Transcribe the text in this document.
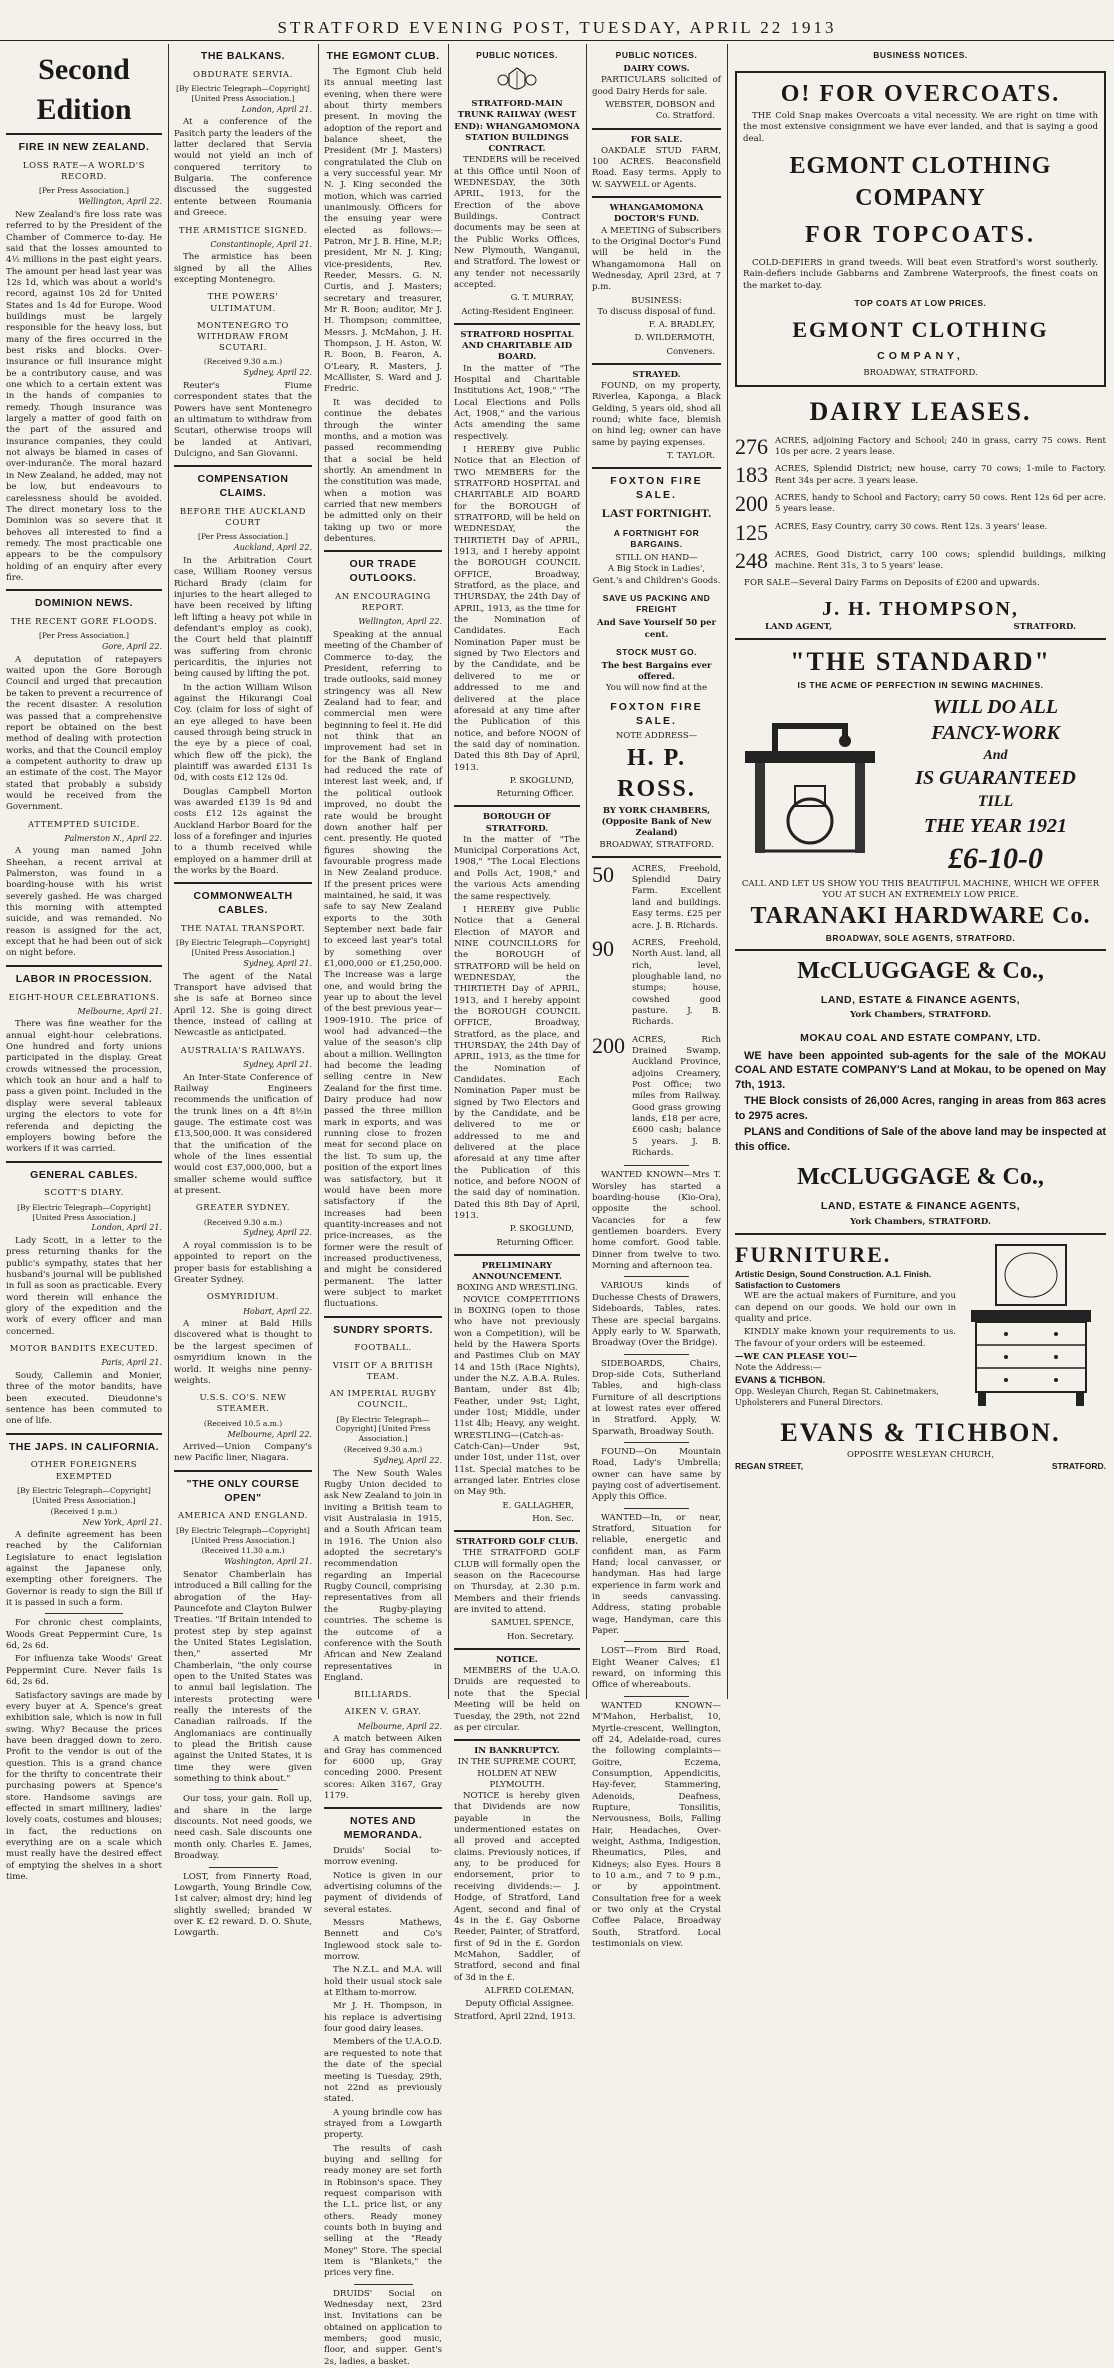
STRATFORD EVENING POST, TUESDAY, APRIL 22 1913
Second Edition
FIRE IN NEW ZEALAND.
LOSS RATE—A WORLD'S RECORD.
[Per Press Association.]
Wellington, April 22.
New Zealand's fire loss rate was referred to by the President of the Chamber of Commerce to-day. He said that the losses amounted to 4½ millions in the past eight years. The amount per head last year was 12s 1d, which was about a world's record, against 10s 2d for United States and 1s 4d for Europe. Wood buildings must be largely responsible for the heavy loss, but many of the fires occurred in the best risks and blocks. Over-insurance or full insurance might be a contributory cause, and was one which to a certain extent was in the hands of companies to remedy. Though insurance was largely a matter of good faith on the part of the assured and insurance companies, they could not always be blamed in cases of over-induranče. The moral hazard in New Zealand, he added, may not be low, but endeavours to carelessness should be avoided. The direct monetary loss to the Dominion was so severe that it behoves all interested to find a remedy. The most practicable one appears to be the compulsory holding of an enquiry after every fire.
DOMINION NEWS.
THE RECENT GORE FLOODS.
[Per Press Association.]
Gore, April 22.
A deputation of ratepayers waited upon the Gore Borough Council and urged that precaution be taken to prevent a recurrence of the recent disaster. A resolution was passed that a comprehensive report be obtained on the best method of dealing with protection works, and that the Council employ a competent authority to draw up an estimate of the cost. The Mayor stated that probably a subsidy would be received from the Government.
ATTEMPTED SUICIDE.
Palmerston N., April 22.
A young man named John Sheehan, a recent arrival at Palmerston, was found in a boarding-house with his wrist severely gashed. He was charged this morning with attempted suicide, and was remanded. No reason is assigned for the act, except that he had been out of sick on night before.
LABOR IN PROCESSION.
EIGHT-HOUR CELEBRATIONS.
Melbourne, April 21.
There was fine weather for the annual eight-hour celebrations. One hundred and forty unions participated in the display. Great crowds witnessed the procession, which took an hour and a half to pass a given point. Included in the display were several tableaux urging the electors to vote for referenda and depicting the employers bowing before the workers if it was carried.
GENERAL CABLES.
SCOTT'S DIARY.
[By Electric Telegraph—Copyright] [United Press Association.]
London, April 21.
Lady Scott, in a letter to the press returning thanks for the public's sympathy, states that her husband's journal will be published in full as soon as practicable. Every word therein will enhance the glory of the expedition and the work of every officer and man concerned.
MOTOR BANDITS EXECUTED.
Paris, April 21.
Soudy, Callemin and Monier, three of the motor bandits, have been executed. Dieudonne's sentence has been commuted to one of life.
THE JAPS. IN CALIFORNIA.
OTHER FOREIGNERS EXEMPTED
[By Electric Telegraph—Copyright] [United Press Association.]
(Received 1 p.m.)
New York, April 21.
A definite agreement has been reached by the Californian Legislature to enact legislation against the Japanese only, exempting other foreigners. The Governor is ready to sign the Bill if it is passed in such a form.
For chronic chest complaints, Woods Great Peppermint Cure, 1s 6d, 2s 6d.
For influenza take Woods' Great Peppermint Cure. Never fails 1s 6d, 2s 6d.
Satisfactory savings are made by every buyer at A. Spence's great exhibition sale, which is now in full swing. Why? Because the prices have been dragged down to zero. Profit to the vendor is out of the question. This is a grand chance for the thrifty to concentrate their purchasing powers at Spence's store. Handsome savings are effected in smart millinery, ladies' lovely coats, costumes and blouses; in fact, the reductions on everything are on a scale which must really have the desired effect of emptying the shelves in a short time.
THE BALKANS.
OBDURATE SERVIA.
[By Electric Telegraph—Copyright] [United Press Association.]
London, April 21.
At a conference of the Pasitch party the leaders of the latter declared that Servia would not yield an inch of conquered territory to Bulgaria. The conference discussed the suggested entente between Roumania and Greece.
THE ARMISTICE SIGNED.
Constantinople, April 21.
The armistice has been signed by all the Allies excepting Montenegro.
THE POWERS' ULTIMATUM.
MONTENEGRO TO WITHDRAW FROM SCUTARI.
(Received 9.30 a.m.)
Sydney, April 22.
Reuter's Fiume correspondent states that the Powers have sent Montenegro an ultimatum to withdraw from Scutari, otherwise troops will be landed at Antivari, Dulcigno, and San Giovanni.
COMPENSATION CLAIMS.
BEFORE THE AUCKLAND COURT
[Per Press Association.]
Auckland, April 22.
In the Arbitration Court case, William Rooney versus Richard Brady (claim for injuries to the heart alleged to have been received by lifting left lifting a heavy pot while in defendant's employ as cook), the Court held that plaintiff was suffering from chronic pericarditis, the injuries not being caused by lifting the pot.
In the action William Wilson against the Hikurangi Coal Coy. (claim for loss of sight of an eye alleged to have been caused through being struck in the eye by a piece of coal, which flew off the pick), the plaintiff was awarded £131 1s 0d, with costs £12 12s 0d.
Douglas Campbell Morton was awarded £139 1s 9d and costs £12 12s against the Auckland Harbor Board for the loss of a forefinger and injuries to a thumb received while employed on a hammer drill at the works by the Board.
COMMONWEALTH CABLES.
THE NATAL TRANSPORT.
[By Electric Telegraph—Copyright] [United Press Association.]
Sydney, April 21.
The agent of the Natal Transport have advised that she is safe at Borneo since April 12. She is going direct thence, instead of calling at Newcastle as anticipated.
AUSTRALIA'S RAILWAYS.
Sydney, April 21.
An Inter-State Conference of Railway Engineers recommends the unification of the trunk lines on a 4ft 8½in gauge. The estimate cost was £13,500,000. It was considered that the unification of the whole of the lines essential would cost £37,000,000, but a smaller scheme would suffice at present.
GREATER SYDNEY.
(Received 9.30 a.m.)
Sydney, April 22.
A royal commission is to be appointed to report on the proper basis for establishing a Greater Sydney.
OSMYRIDIUM.
Hobart, April 22.
A miner at Bald Hills discovered what is thought to be the largest specimen of osmyridium known in the world. It weighs nine penny-weights.
U.S.S. CO'S. NEW STEAMER.
(Received 10.5 a.m.)
Melbourne, April 22.
Arrived—Union Company's new Pacific liner, Niagara.
"THE ONLY COURSE OPEN"
AMERICA AND ENGLAND.
[By Electric Telegraph—Copyright] [United Press Association.]
(Received 11.30 a.m.)
Washington, April 21.
Senator Chamberlain has introduced a Bill calling for the abrogation of the Hay-Pauncefote and Clayton Bulwer Treaties. "If Britain intended to protest step by step against the United States Legislation, then," asserted Mr Chamberlain, "the only course open to the United States was to annul bail legislation. The interests protecting were really the interests of the Canadian railroads. If the Anglomaniacs are continually to plead the British cause against the United States, it is time they were given something to think about."
Our toss, your gain. Roll up, and share in the large discounts. Not need goods, we need cash. Sale discounts one month only. Charles E. James, Broadway.
LOST, from Finnerty Road, Lowgarth, Young Brindle Cow, 1st calver; almost dry; hind leg slightly swelled; branded W over K. £2 reward. D. O. Shute, Lowgarth.
THE EGMONT CLUB.
The Egmont Club held its annual meeting last evening, when there were about thirty members present. In moving the adoption of the report and balance sheet, the President (Mr J. Masters) congratulated the Club on a very successful year. Mr N. J. King seconded the motion, which was carried unanimously. Officers for the ensuing year were elected as follows:—Patron, Mr J. B. Hine, M.P.; president, Mr N. J. King; vice-presidents, Rev. Reeder, Messrs. G. N. Curtis, and J. Masters; secretary and treasurer, Mr R. Boon; auditor, Mr J. H. Thompson; committee, Messrs. J. McMahon, J. H. Thompson, J. H. Aston, W. R. Boon, B. Fearon, A. O'Leary, R. Masters, J. McAllister, S. Ward and J. Fredric.
It was decided to continue the debates through the winter months, and a motion was passed recommending that a social be held shortly. An amendment in the constitution was made, when a motion was carried that new members be admitted only on their taking up two or more debentures.
OUR TRADE OUTLOOKS.
AN ENCOURAGING REPORT.
Wellington, April 22.
Speaking at the annual meeting of the Chamber of Commerce to-day, the President, referring to trade outlooks, said money stringency was all New Zealand had to fear, and commercial men were beginning to feel it. He did not think that an improvement had set in for the Bank of England had reduced the rate of interest last week, and, if the political outlook improved, no doubt the rate would be brought down another half per cent. presently. He quoted figures showing the favourable progress made in New Zealand produce. If the present prices were maintained, he said, it was safe to say New Zealand exports to the 30th September next bade fair to exceed last year's total by something over £1,000,000 or £1,250,000. The increase was a large one, and would bring the year up to about the level of the best previous year—1909-1910. The price of wool had advanced—the value of the season's clip about a million. Wellington had become the leading selling centre in New Zealand for the first time. Dairy produce had now passed the three million mark in exports, and was running close to frozen meat for second place on the list. To sum up, the position of the export lines was satisfactory, but it would have been more satisfactory if the increases had been quantity-increases and not price-increases, as the former were the result of increased productiveness, and might be considered permanent. The latter were subject to market fluctuations.
SUNDRY SPORTS.
FOOTBALL.
VISIT OF A BRITISH TEAM.
AN IMPERIAL RUGBY COUNCIL.
[By Electric Telegraph—Copyright] [United Press Association.]
(Received 9.30 a.m.)
Sydney, April 22.
The New South Wales Rugby Union decided to ask New Zealand to join in inviting a British team to visit Australasia in 1915, and a South African team in 1916. The Union also adopted the secretary's recommendation regarding an Imperial Rugby Council, comprising representatives from all the Rugby-playing countries. The scheme is the outcome of a conference with the South African and New Zealand representatives in England.
BILLIARDS.
AIKEN V. GRAY.
Melbourne, April 22.
A match between Aiken and Gray has commenced for 6000 up, Gray conceding 2000. Present scores: Aiken 3167, Gray 1179.
NOTES AND MEMORANDA.
Druids' Social to-morrow evening.
Notice is given in our advertising columns of the payment of dividends of several estates.
Messrs Mathews, Bennett and Co's Inglewood stock sale to-morrow.
The N.Z.L. and M.A. will hold their usual stock sale at Eltham to-morrow.
Mr J. H. Thompson, in his replace is advertising four good dairy leases.
Members of the U.A.O.D. are requested to note that the date of the special meeting is Tuesday, 29th, not 22nd as previously stated.
A young brindle cow has strayed from a Lowgarth property.
The results of cash buying and selling for ready money are set forth in Robinson's space. They request comparison with the L.L. price list, or any others. Ready money counts both in buying and selling at the "Ready Money" Store. The special item is "Blankets," the prices very fine.
DRUIDS' Social on Wednesday next, 23rd inst. Invitations can be obtained on application to members; good music, floor, and supper. Gent's 2s, ladies, a basket.
PUBLIC NOTICES.
STRATFORD-MAIN TRUNK RAILWAY (WEST END): WHANGAMOMONA STATION BUILDINGS CONTRACT.
TENDERS will be received at this Office until Noon of WEDNESDAY, the 30th APRIL, 1913, for the Erection of the above Buildings. Contract documents may be seen at the Public Works Offices, New Plymouth, Wanganui, and Stratford. The lowest or any tender not necessarily accepted.
G. T. MURRAY,
Acting-Resident Engineer.
STRATFORD HOSPITAL AND CHARITABLE AID BOARD.
In the matter of "The Hospital and Charitable Institutions Act, 1908," "The Local Elections and Polls Act, 1908," and the various Acts amending the same respectively.
I HEREBY give Public Notice that an Election of TWO MEMBERS for the STRATFORD HOSPITAL and CHARITABLE AID BOARD for the BOROUGH of STRATFORD, will be held on WEDNESDAY, the THIRTIETH Day of APRIL, 1913, and I hereby appoint the BOROUGH COUNCIL OFFICE, Broadway, Stratford, as the place, and THURSDAY, the 24th Day of APRIL, 1913, as the time for the Nomination of Candidates. Each Nomination Paper must be signed by Two Electors and by the Candidate, and be delivered to me or addressed to me and delivered at the place aforesaid at any time after the Publication of this notice, and before NOON of the said day of nomination. Dated this 8th Day of April, 1913.
P. SKOGLUND,
Returning Officer.
BOROUGH OF STRATFORD.
In the matter of "The Municipal Corporations Act, 1908," "The Local Elections and Polls Act, 1908," and the various Acts amending the same respectively.
I HEREBY give Public Notice that a General Election of MAYOR and NINE COUNCILLORS for the BOROUGH of STRATFORD will be held on WEDNESDAY, the THIRTIETH Day of APRIL, 1913, and I hereby appoint the BOROUGH COUNCIL OFFICE, Broadway, Stratford, as the place, and THURSDAY, the 24th Day of APRIL, 1913, as the time for the Nomination of Candidates. Each Nomination Paper must be signed by Two Electors and by the Candidate, and be delivered to me or addressed to me and delivered at the place aforesaid at any time after the Publication of this notice, and before NOON of the said day of nomination. Dated this 8th Day of April, 1913.
P. SKOGLUND,
Returning Officer.
PRELIMINARY ANNOUNCEMENT.
BOXING AND WRESTLING.
NOVICE COMPETITIONS in BOXING (open to those who have not previously won a Competition), will be held by the Hawera Sports and Pastimes Club on MAY 14 and 15th (Race Nights), under the N.Z. A.B.A. Rules. Bantam, under 8st 4lb; Feather, under 9st; Light, under 10st; Middle, under 11st 4lb; Heavy, any weight. WRESTLING—(Catch-as-Catch-Can)—Under 9st, under 10st, under 11st, over 11st. Special matches to be arranged later. Entries close on May 9th.
E. GALLAGHER,
Hon. Sec.
STRATFORD GOLF CLUB.
THE STRATFORD GOLF CLUB will formally open the season on the Racecourse on Thursday, at 2.30 p.m. Members and their friends are invited to attend.
SAMUEL SPENCE,
Hon. Secretary.
NOTICE.
MEMBERS of the U.A.O. Druids are requested to note that the Special Meeting will be held on Tuesday, the 29th, not 22nd as per circular.
IN BANKRUPTCY.
IN THE SUPREME COURT, HOLDEN AT NEW PLYMOUTH.
NOTICE is hereby given that Dividends are now payable in the undermentioned estates on all proved and accepted claims. Previously notices, if any, to be produced for endorsement, prior to receiving dividends:— J. Hodge, of Stratford, Land Agent, second and final of 4s in the £. Gay Osborne Reeder, Painter, of Stratford, first of 9d in the £. Gordon McMahon, Saddler, of Stratford, second and final of 3d in the £.
ALFRED COLEMAN,
Deputy Official Assignee.
Stratford, April 22nd, 1913.
PUBLIC NOTICES.
DAIRY COWS.
PARTICULARS solicited of good Dairy Herds for sale.
WEBSTER, DOBSON and Co. Stratford.
FOR SALE.
OAKDALE STUD FARM, 100 ACRES. Beaconsfield Road. Easy terms. Apply to W. SAYWELL or Agents.
WHANGAMOMONA DOCTOR'S FUND.
A MEETING of Subscribers to the Original Doctor's Fund will be held in the Whangamomona Hall on Wednesday, April 23rd, at 7 p.m.
BUSINESS:
To discuss disposal of fund.
F. A. BRADLEY,
D. WILDERMOTH,
Conveners.
STRAYED.
FOUND, on my property, Riverlea, Kaponga, a Black Gelding, 5 years old, shod all round; white face, blemish on hind leg; owner can have same by paying expenses.
T. TAYLOR.
FOXTON FIRE SALE.
LAST FORTNIGHT.
A FORTNIGHT FOR BARGAINS.
STILL ON HAND—
A Big Stock in Ladies', Gent.'s and Children's Goods.
SAVE US PACKING AND FREIGHT
And Save Yourself 50 per cent.
STOCK MUST GO.
The best Bargains ever offered.
You will now find at the
FOXTON FIRE SALE.
NOTE ADDRESS—
H. P. ROSS.
BY YORK CHAMBERS,
(Opposite Bank of New Zealand)
BROADWAY, STRATFORD.
50	ACRES, Freehold, Splendid Dairy Farm. Excellent land and buildings. Easy terms. £25 per acre. J. B. Richards.
90	ACRES, Freehold, North Aust. land, all rich, level, ploughable land, no stumps; house, cowshed good pasture. J. B. Richards.
200 ACRES, Rich Drained Swamp, Auckland Province, adjoins Creamery, Post Office; two miles from Railway. Good grass growing lands, £18 per acre, £600 cash; balance 5 years. J. B. Richards.
WANTED KNOWN—Mrs T. Worsley has started a boarding-house (Kio-Ora), opposite the school. Vacancies for a few gentlemen boarders. Every home comfort. Good table. Dinner from twelve to two. Morning and afternoon tea.
VARIOUS kinds of Duchesse Chests of Drawers, Sideboards, Tables, rates. These are special bargains. Apply early to W. Sparwath, Broadway (Over the Bridge).
SIDEBOARDS, Chairs, Drop-side Cots, Sutherland Tables, and high-class Furniture of all descriptions at lowest rates ever offered in Stratford. Apply, W. Sparwath, Broadway South.
FOUND—On Mountain Road, Lady's Umbrella; owner can have same by paying cost of advertisement. Apply this Office.
WANTED—In, or near, Stratford, Situation for reliable, energetic and confident man, as Farm Hand; local canvasser, or handyman. Has had large experience in farm work and in seeds canvassing. Address, stating probable wage, Handyman, care this Paper.
LOST—From Bird Road, Eight Weaner Calves; £1 reward, on informing this Office of whereabouts.
WANTED KNOWN—M'Mahon, Herbalist, 10, Myrtle-crescent, Wellington, off 24, Adelaide-road, cures the following complaints—Goitre, Eczema, Consumption, Appendicitis, Hay-fever, Stammering, Adenoids, Deafness, Rupture, Tonsilitis, Nervousness, Boils, Falling Hair, Headaches, Over-weight, Asthma, Indigestion, Rheumatics, Piles, and Kidneys; also Eyes. Hours 8 to 10 a.m., and 7 to 9 p.m., or by appointment. Consultation free for a week or two only at the Crystal Coffee Palace, Broadway South, Stratford. Local testimonials on view.
BUSINESS NOTICES.
O! FOR OVERCOATS.
THE Cold Snap makes Overcoats a vital necessity. We are right on time with the most extensive consignment we have ever landed, and that is saying a good deal.
EGMONT CLOTHING COMPANY
FOR TOPCOATS.
COLD-DEFIERS in grand tweeds. Will beat even Stratford's worst southerly. Rain-defiers include Gabbarns and Zambrene Waterproofs, the finest coats on the market to-day.
TOP COATS AT LOW PRICES.
EGMONT CLOTHING
COMPANY,
BROADWAY, STRATFORD.
DAIRY LEASES.
276 ACRES, adjoining Factory and School; 240 in grass, carry 75 cows. Rent 10s per acre. 2 years lease.
183 ACRES, Splendid District; new house, carry 70 cows; 1-mile to Factory. Rent 34s per acre. 3 years lease.
200 ACRES, handy to School and Factory; carry 50 cows. Rent 12s 6d per acre. 5 years lease.
125 ACRES, Easy Country, carry 30 cows. Rent 12s. 3 years' lease.
248 ACRES, Good District, carry 100 cows; splendid buildings, milking machine. Rent 31s, 3 to 5 years' lease.
FOR SALE—Several Dairy Farms on Deposits of £200 and upwards.
J. H. THOMPSON,
LAND AGENT,	STRATFORD.
"THE STANDARD"
IS THE ACME OF PERFECTION IN SEWING MACHINES.
WILL DO ALL
FANCY-WORK
And
IS GUARANTEED
TILL
THE YEAR 1921
£6-10-0
CALL AND LET US SHOW YOU THIS BEAUTIFUL MACHINE, WHICH WE OFFER YOU AT SUCH AN EXTREMELY LOW PRICE.
TARANAKI HARDWARE Co.
BROADWAY, SOLE AGENTS, STRATFORD.
McCLUGGAGE & Co.,
LAND, ESTATE & FINANCE AGENTS,
York Chambers, STRATFORD.
MOKAU COAL AND ESTATE COMPANY, LTD.
WE have been appointed sub-agents for the sale of the MOKAU COAL AND ESTATE COMPANY'S Land at Mokau, to be opened on May 7th, 1913.
THE Block consists of 26,000 Acres, ranging in areas from 863 acres to 2975 acres.
PLANS and Conditions of Sale of the above land may be inspected at this office.
McCLUGGAGE & Co.,
LAND, ESTATE & FINANCE AGENTS,
York Chambers, STRATFORD.
FURNITURE.
Artistic Design, Sound Construction. A.1. Finish. Satisfaction to Customers
WE are the actual makers of Furniture, and you can depend on our goods. We hold our own in quality and price.
KINDLY make known your requirements to us. The favour of your orders will be esteemed.
—WE CAN PLEASE YOU—
Note the Address:—
EVANS & TICHBON.
Opp. Wesleyan Church, Regan St. Cabinetmakers, Upholsterers and Funeral Directors.
EVANS & TICHBON.
OPPOSITE WESLEYAN CHURCH,
REGAN STREET,	STRATFORD.
